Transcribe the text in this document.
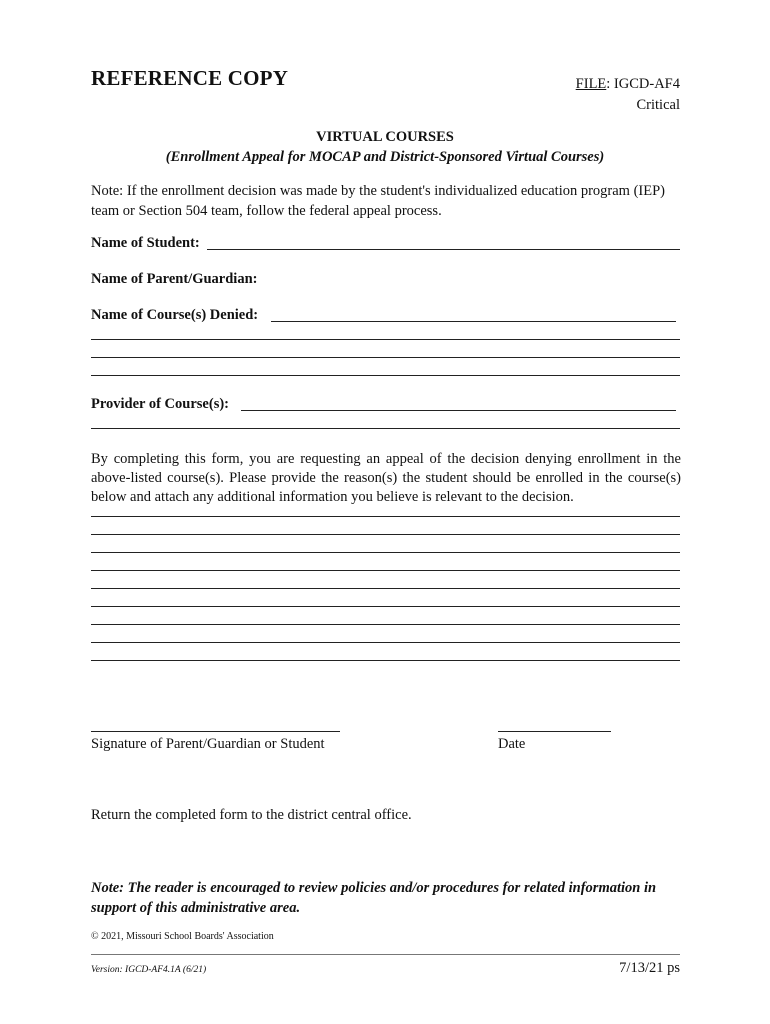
REFERENCE COPY	FILE: IGCD-AF4
Critical
VIRTUAL COURSES
(Enrollment Appeal for MOCAP and District-Sponsored Virtual Courses)
Note: If the enrollment decision was made by the student's individualized education program (IEP) team or Section 504 team, follow the federal appeal process.
Name of Student:
Name of Parent/Guardian:
Name of Course(s) Denied:
Provider of Course(s):
By completing this form, you are requesting an appeal of the decision denying enrollment in the above-listed course(s). Please provide the reason(s) the student should be enrolled in the course(s) below and attach any additional information you believe is relevant to the decision.
Signature of Parent/Guardian or Student	Date
Return the completed form to the district central office.
Note: The reader is encouraged to review policies and/or procedures for related information in support of this administrative area.
© 2021, Missouri School Boards' Association
Version: IGCD-AF4.1A (6/21)	7/13/21 ps
